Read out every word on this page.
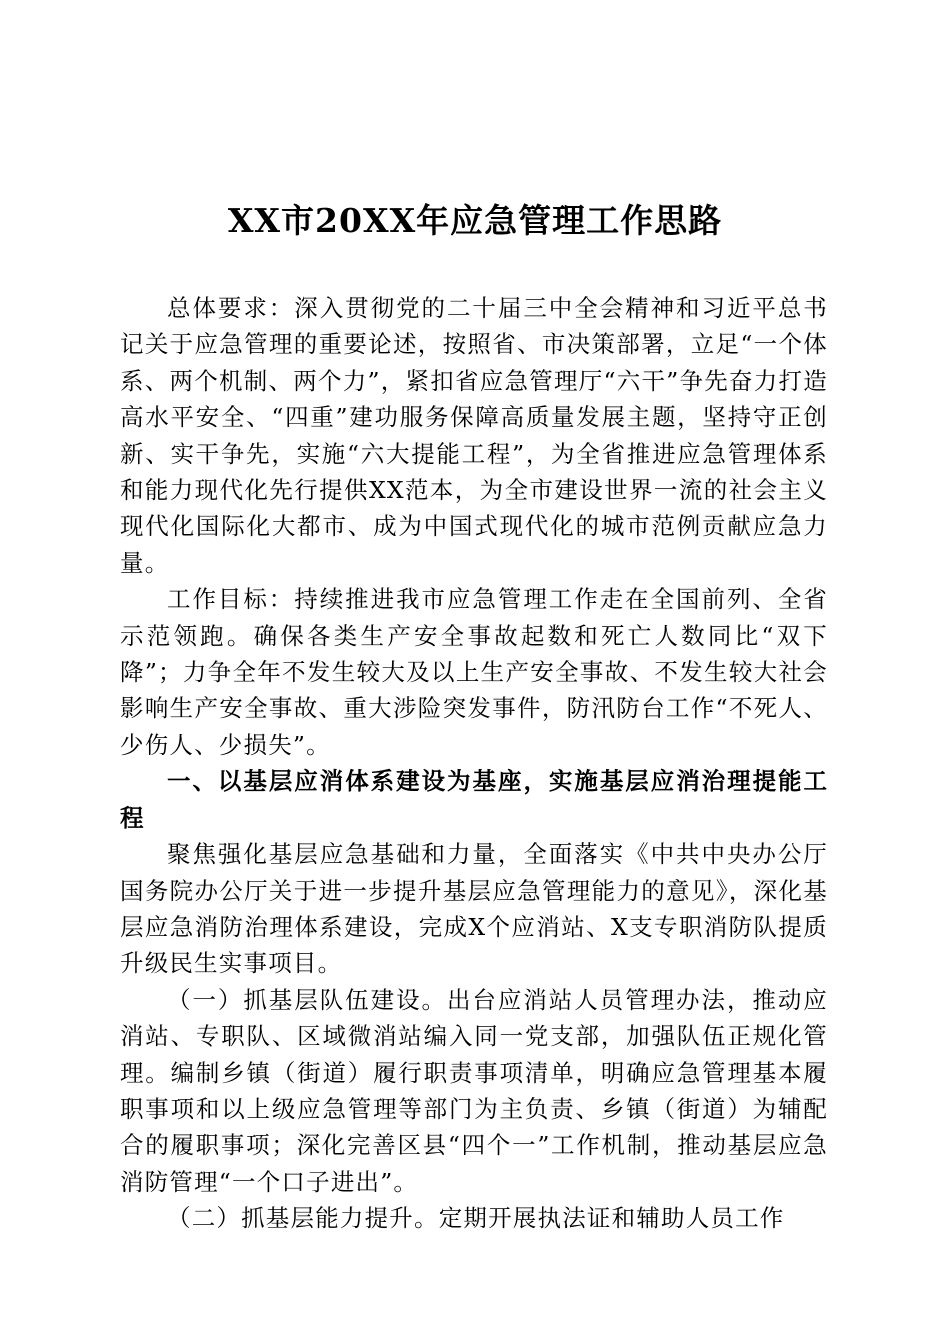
XX市20XX年应急管理工作思路

总体要求：深入贯彻党的二十届三中全会精神和习近平总书记关于应急管理的重要论述，按照省、市决策部署，立足“一个体系、两个机制、两个力”，紧扣省应急管理厅“六干”争先奋力打造高水平安全、“四重”建功服务保障高质量发展主题，坚持守正创新、实干争先，实施“六大提能工程”，为全省推进应急管理体系和能力现代化先行提供XX范本，为全市建设世界一流的社会主义现代化国际化大都市、成为中国式现代化的城市范例贡献应急力量。

工作目标：持续推进我市应急管理工作走在全国前列、全省示范领跑。确保各类生产安全事故起数和死亡人数同比“双下降”；力争全年不发生较大及以上生产安全事故、不发生较大社会影响生产安全事故、重大涉险突发事件，防汛防台工作“不死人、少伤人、少损失”。

一、以基层应消体系建设为基座，实施基层应消治理提能工程

聚焦强化基层应急基础和力量，全面落实《中共中央办公厅 国务院办公厅关于进一步提升基层应急管理能力的意见》，深化基层应急消防治理体系建设，完成X个应消站、X支专职消防队提质升级民生实事项目。

（一）抓基层队伍建设。出台应消站人员管理办法，推动应消站、专职队、区域微消站编入同一党支部，加强队伍正规化管理。编制乡镇（街道）履行职责事项清单，明确应急管理基本履职事项和以上级应急管理等部门为主负责、乡镇（街道）为辅配合的履职事项；深化完善区县“四个一”工作机制，推动基层应急消防管理“一个口子进出”。

（二）抓基层能力提升。定期开展执法证和辅助人员工作
